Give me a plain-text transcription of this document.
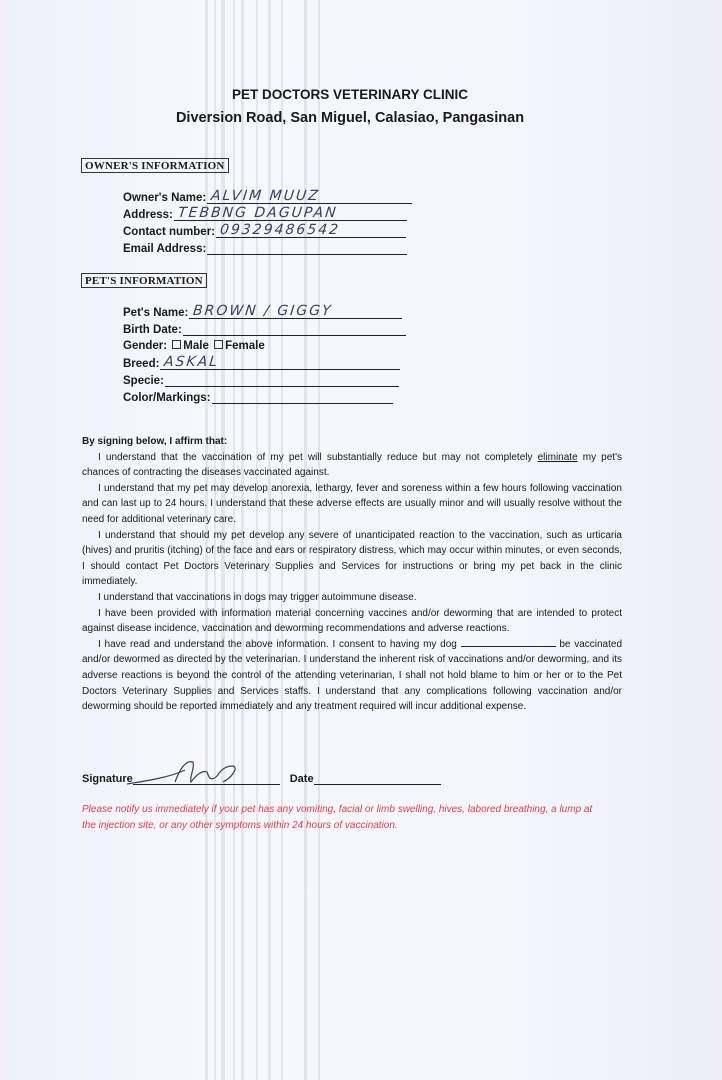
PET DOCTORS VETERINARY CLINIC
Diversion Road, San Miguel, Calasiao, Pangasinan
OWNER'S INFORMATION
Owner's Name: ALVIM MUUZ
Address: TEBBNG DAGUPAN
Contact number: 09329486542
Email Address:
PET'S INFORMATION
Pet's Name: BROWN / GIGGY
Birth Date:
Gender: Male Female
Breed: ASKAL
Specie:
Color/Markings:

By signing below, I affirm that:

I understand that the vaccination of my pet will substantially reduce but may not completely eliminate my pet's chances of contracting the diseases vaccinated against.

I understand that my pet may develop anorexia, lethargy, fever and soreness within a few hours following vaccination and can last up to 24 hours. I understand that these adverse effects are usually minor and will usually resolve without the need for additional veterinary care.

I understand that should my pet develop any severe of unanticipated reaction to the vaccination, such as urticaria (hives) and pruritis (itching) of the face and ears or respiratory distress, which may occur within minutes, or even seconds, I should contact Pet Doctors Veterinary Supplies and Services for instructions or bring my pet back in the clinic immediately.

I understand that vaccinations in dogs may trigger autoimmune disease.

I have been provided with information material concerning vaccines and/or deworming that are intended to protect against disease incidence, vaccination and deworming recommendations and adverse reactions.

I have read and understand the above information. I consent to having my dog	be vaccinated and/or dewormed as directed by the veterinarian. I understand the inherent risk of vaccinations and/or deworming, and its adverse reactions is beyond the control of the attending veterinarian, I shall not hold blame to him or her or to the Pet Doctors Veterinary Supplies and Services staffs. I understand that any complications following vaccination and/or deworming should be reported immediately and any treatment required will incur additional expense.

Signature	Date
Please notify us immediately if your pet has any vomiting, facial or limb swelling, hives, labored breathing, a lump at the injection site, or any other symptoms within 24 hours of vaccination.
